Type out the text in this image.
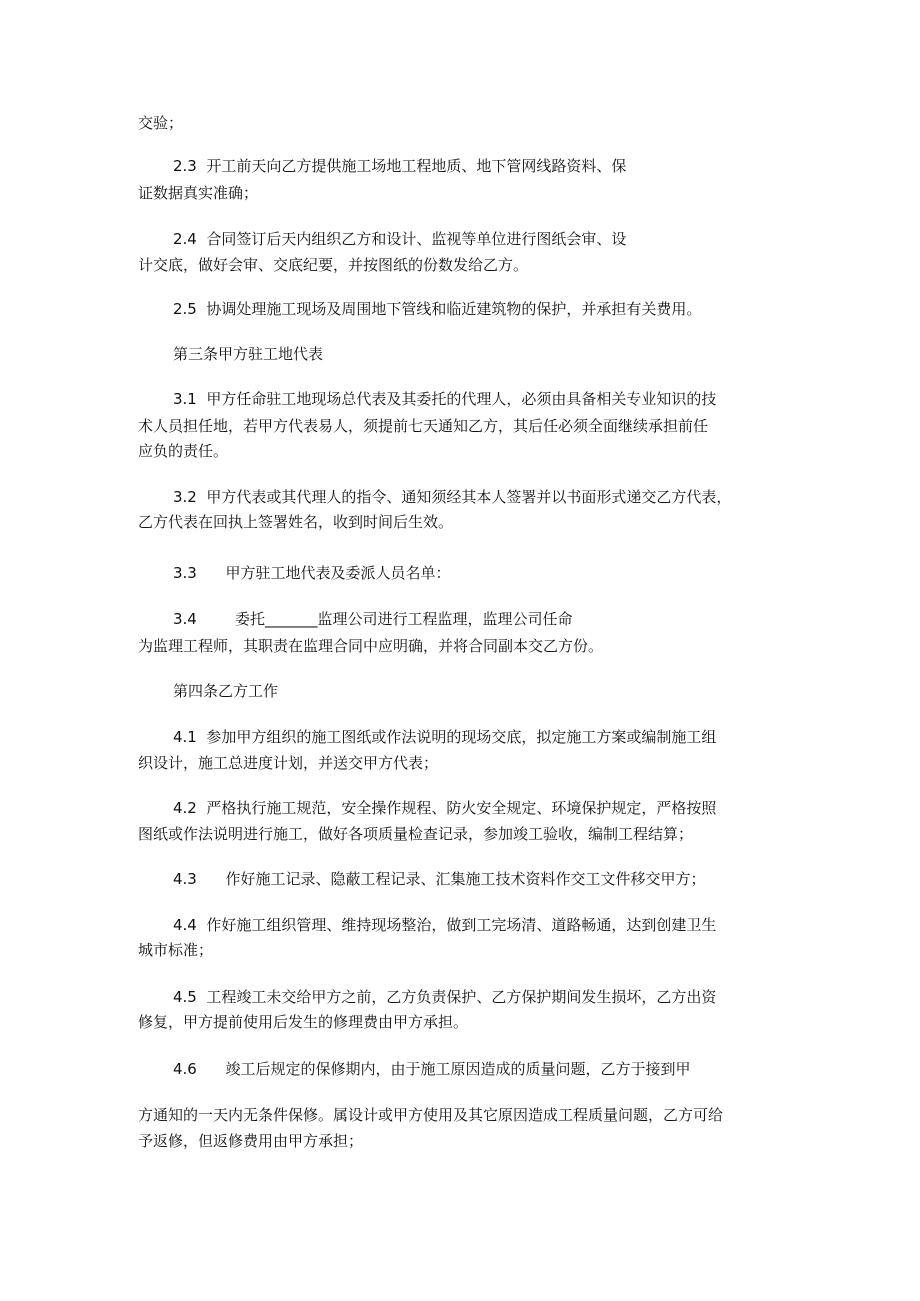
交验；
2.3  开工前天向乙方提供施工场地工程地质、地下管网线路资料、保
证数据真实准确；
2.4  合同签订后天内组织乙方和设计、监视等单位进行图纸会审、设
计交底，做好会审、交底纪要，并按图纸的份数发给乙方。
2.5  协调处理施工现场及周围地下管线和临近建筑物的保护，并承担有关费用。
第三条甲方驻工地代表
3.1  甲方任命驻工地现场总代表及其委托的代理人，必须由具备相关专业知识的技
术人员担任地，若甲方代表易人，须提前七天通知乙方，其后任必须全面继续承担前任
应负的责任。
3.2  甲方代表或其代理人的指令、通知须经其本人签署并以书面形式递交乙方代表，
乙方代表在回执上签署姓名，收到时间后生效。
3.3      甲方驻工地代表及委派人员名单：
3.4        委托_______监理公司进行工程监理，监理公司任命
为监理工程师，其职责在监理合同中应明确，并将合同副本交乙方份。
第四条乙方工作
4.1  参加甲方组织的施工图纸或作法说明的现场交底，拟定施工方案或编制施工组
织设计，施工总进度计划，并送交甲方代表；
4.2  严格执行施工规范，安全操作规程、防火安全规定、环境保护规定，严格按照
图纸或作法说明进行施工，做好各项质量检查记录，参加竣工验收，编制工程结算；
4.3      作好施工记录、隐蔽工程记录、汇集施工技术资料作交工文件移交甲方；
4.4  作好施工组织管理、维持现场整治，做到工完场清、道路畅通，达到创建卫生
城市标准；
4.5  工程竣工未交给甲方之前，乙方负责保护、乙方保护期间发生损坏，乙方出资
修复，甲方提前使用后发生的修理费由甲方承担。
4.6      竣工后规定的保修期内，由于施工原因造成的质量问题，乙方于接到甲
方通知的一天内无条件保修。属设计或甲方使用及其它原因造成工程质量问题，乙方可给
予返修，但返修费用由甲方承担；
